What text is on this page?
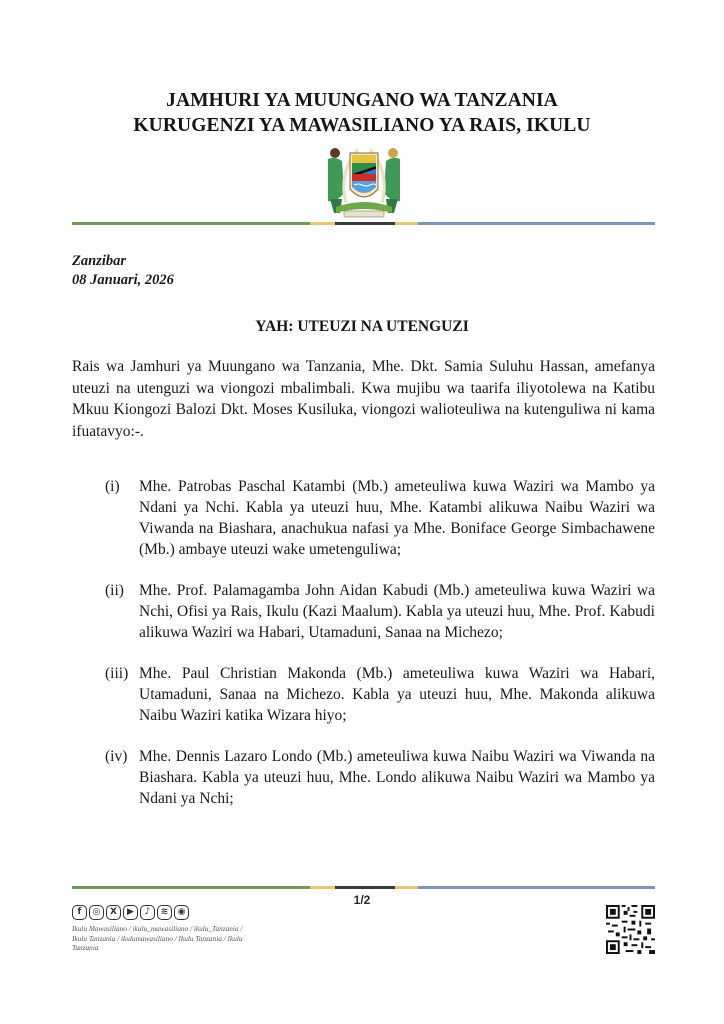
JAMHURI YA MUUNGANO WA TANZANIA
KURUGENZI YA MAWASILIANO YA RAIS, IKULU
Zanzibar
08 Januari, 2026
YAH: UTEUZI NA UTENGUZI

Rais wa Jamhuri ya Muungano wa Tanzania, Mhe. Dkt. Samia Suluhu Hassan, amefanya uteuzi na utenguzi wa viongozi mbalimbali. Kwa mujibu wa taarifa iliyotolewa na Katibu Mkuu Kiongozi Balozi Dkt. Moses Kusiluka, viongozi walioteuliwa na kutenguliwa ni kama ifuatavyo:-.

(i) Mhe. Patrobas Paschal Katambi (Mb.) ameteuliwa kuwa Waziri wa Mambo ya Ndani ya Nchi. Kabla ya uteuzi huu, Mhe. Katambi alikuwa Naibu Waziri wa Viwanda na Biashara, anachukua nafasi ya Mhe. Boniface George Simbachawene (Mb.) ambaye uteuzi wake umetenguliwa;
(ii) Mhe. Prof. Palamagamba John Aidan Kabudi (Mb.) ameteuliwa kuwa Waziri wa Nchi, Ofisi ya Rais, Ikulu (Kazi Maalum). Kabla ya uteuzi huu, Mhe. Prof. Kabudi alikuwa Waziri wa Habari, Utamaduni, Sanaa na Michezo;
(iii) Mhe. Paul Christian Makonda (Mb.) ameteuliwa kuwa Waziri wa Habari, Utamaduni, Sanaa na Michezo. Kabla ya uteuzi huu, Mhe. Makonda alikuwa Naibu Waziri katika Wizara hiyo;
(iv) Mhe. Dennis Lazaro Londo (Mb.) ameteuliwa kuwa Naibu Waziri wa Viwanda na Biashara. Kabla ya uteuzi huu, Mhe. Londo alikuwa Naibu Waziri wa Mambo ya Ndani ya Nchi;
1/2
f	◎	X	▶	♪	≋	◉
Ikulu Mawasiliano / ikulu_mawasiliano / ikulu_Tanzania / Ikulu Tanzania / ikulumawasiliano / Ikulu Tanzania / Ikulu Tanzania
